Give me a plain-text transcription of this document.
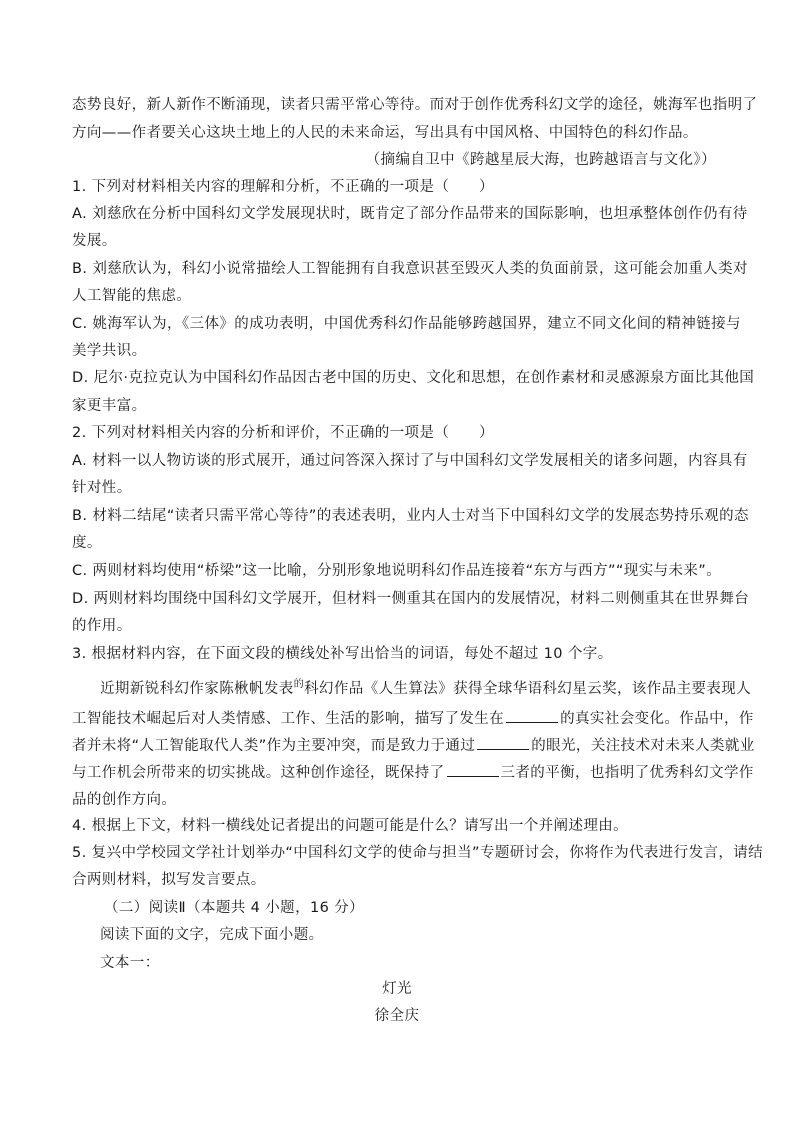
态势良好，新人新作不断涌现，读者只需平常心等待。而对于创作优秀科幻文学的途径，姚海军也指明了
方向——作者要关心这块土地上的人民的未来命运，写出具有中国风格、中国特色的科幻作品。
（摘编自卫中《跨越星辰大海，也跨越语言与文化》）
1. 下列对材料相关内容的理解和分析，不正确的一项是（　　）
A. 刘慈欣在分析中国科幻文学发展现状时，既肯定了部分作品带来的国际影响，也坦承整体创作仍有待
发展。
B. 刘慈欣认为，科幻小说常描绘人工智能拥有自我意识甚至毁灭人类的负面前景，这可能会加重人类对
人工智能的焦虑。
C. 姚海军认为，《三体》的成功表明，中国优秀科幻作品能够跨越国界，建立不同文化间的精神链接与
美学共识。
D. 尼尔·克拉克认为中国科幻作品因古老中国的历史、文化和思想，在创作素材和灵感源泉方面比其他国
家更丰富。
2. 下列对材料相关内容的分析和评价，不正确的一项是（　　）
A. 材料一以人物访谈的形式展开，通过问答深入探讨了与中国科幻文学发展相关的诸多问题，内容具有
针对性。
B. 材料二结尾“读者只需平常心等待”的表述表明，业内人士对当下中国科幻文学的发展态势持乐观的态
度。
C. 两则材料均使用“桥梁”这一比喻，分别形象地说明科幻作品连接着“东方与西方”“现实与未来”。
D. 两则材料均围绕中国科幻文学展开，但材料一侧重其在国内的发展情况，材料二则侧重其在世界舞台
的作用。
3. 根据材料内容，在下面文段的横线处补写出恰当的词语，每处不超过 10 个字。
近期新锐科幻作家陈楸帆发表$^的$科幻作品《人生算法》获得全球华语科幻星云奖，该作品主要表现人
工智能技术崛起后对人类情感、工作、生活的影响，描写了发生在	的真实社会变化。作品中，作
者并未将“人工智能取代人类”作为主要冲突，而是致力于通过	的眼光，关注技术对未来人类就业
与工作机会所带来的切实挑战。这种创作途径，既保持了	三者的平衡，也指明了优秀科幻文学作
品的创作方向。
4. 根据上下文，材料一横线处记者提出的问题可能是什么？请写出一个并阐述理由。
5. 复兴中学校园文学社计划举办“中国科幻文学的使命与担当”专题研讨会，你将作为代表进行发言，请结
合两则材料，拟写发言要点。
（二）阅读Ⅱ（本题共 4 小题，16 分）
阅读下面的文字，完成下面小题。
文本一：
灯光
徐全庆
